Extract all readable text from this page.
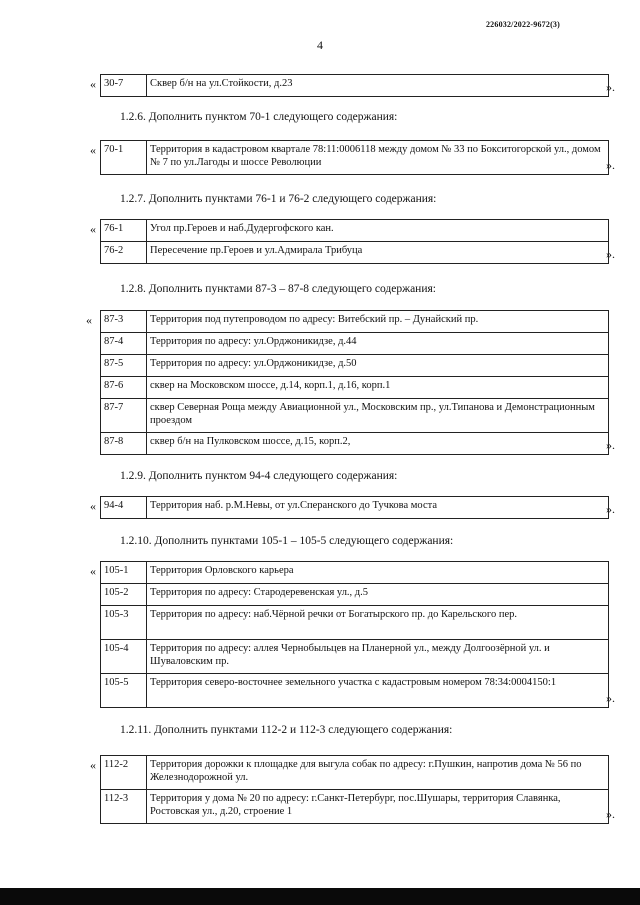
226032/2022-9672(3)
4
« 30-7	Сквер б/н на ул.Стойкости, д.23	».
1.2.6. Дополнить пунктом 70-1 следующего содержания:
« 70-1	Территория в кадастровом квартале 78:11:0006118 между домом № 33 по Бокситогорской ул., домом № 7 по ул.Лагоды и шоссе Революции	».
1.2.7. Дополнить пунктами 76-1 и 76-2 следующего содержания:
« 76-1	Угол пр.Героев и наб.Дудергофского кан.
76-2	Пересечение пр.Героев и ул.Адмирала Трибуца	».
1.2.8. Дополнить пунктами 87-3 – 87-8 следующего содержания:
« 87-3	Территория под путепроводом по адресу: Витебский пр. – Дунайский пр.
87-4	Территория по адресу: ул.Орджоникидзе, д.44
87-5	Территория по адресу: ул.Орджоникидзе, д.50
87-6	сквер на Московском шоссе, д.14, корп.1, д.16, корп.1
87-7	сквер Северная Роща между Авиационной ул., Московским пр., ул.Типанова и Демонстрационным проездом
87-8	сквер б/н на Пулковском шоссе, д.15, корп.2,	».
1.2.9. Дополнить пунктом 94-4 следующего содержания:
« 94-4	Территория наб. р.М.Невы, от ул.Сперанского до Тучкова моста	».
1.2.10. Дополнить пунктами 105-1 – 105-5 следующего содержания:
« 105-1	Территория Орловского карьера
105-2	Территория по адресу: Стародеревенская ул., д.5
105-3	Территория по адресу: наб.Чёрной речки от Богатырского пр. до Карельского пер.
105-4	Территория по адресу: аллея Чернобыльцев на Планерной ул., между Долгоозёрной ул. и Шуваловским пр.
105-5	Территория северо-восточнее земельного участка с кадастровым номером 78:34:0004150:1
».
1.2.11. Дополнить пунктами 112-2 и 112-3 следующего содержания:
« 112-2	Территория дорожки к площадке для выгула собак по адресу: г.Пушкин, напротив дома № 56 по Железнодорожной ул.
112-3	Территория у дома № 20 по адресу: г.Санкт-Петербург, пос.Шушары, территория Славянка, Ростовская ул., д.20, строение 1	».
